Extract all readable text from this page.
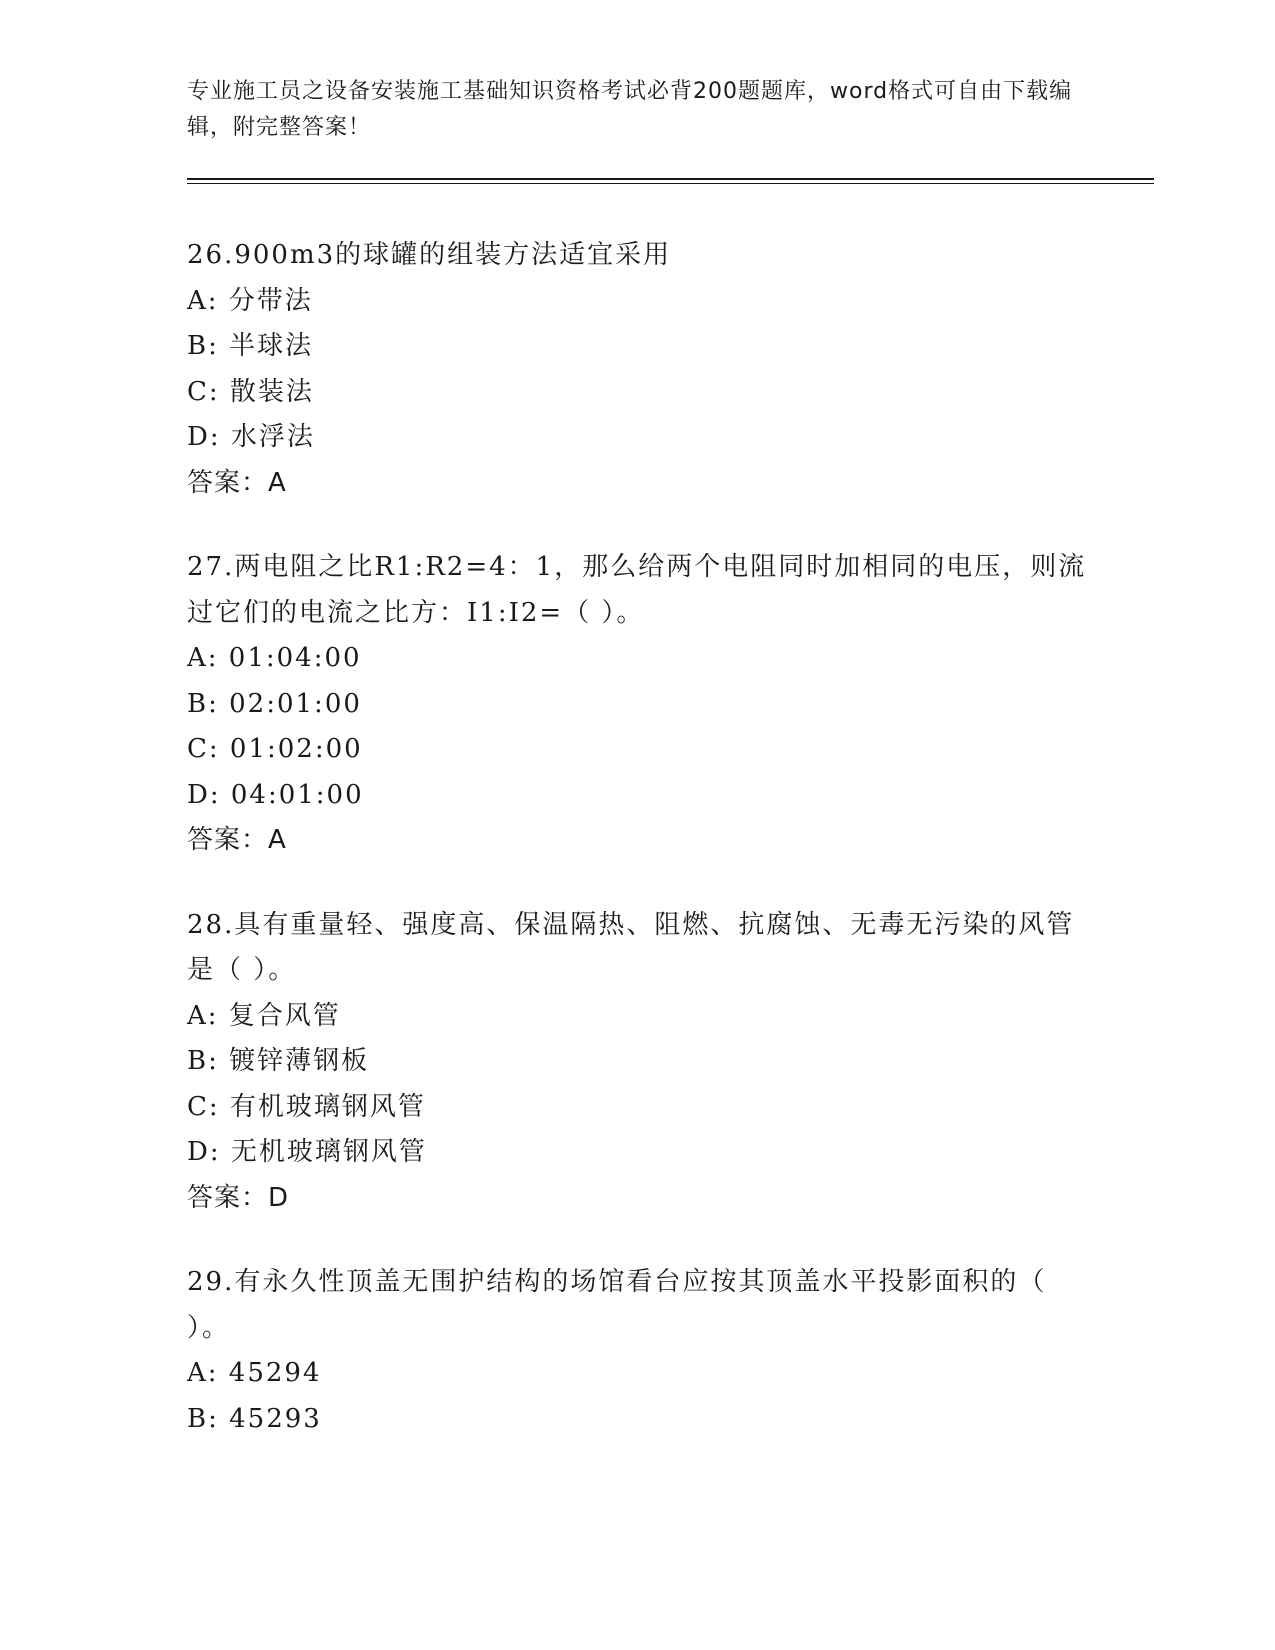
专业施工员之设备安装施工基础知识资格考试必背200题题库，word格式可自由下载编辑，附完整答案！

26.900m3的球罐的组装方法适宜采用

A: 分带法

B: 半球法

C: 散装法

D: 水浮法

答案：A

27.两电阻之比R1:R2=4：1，那么给两个电阻同时加相同的电压，则流过它们的电流之比方：I1:I2=（ ）。

A: 01:04:00

B: 02:01:00

C: 01:02:00

D: 04:01:00

答案：A

28.具有重量轻、强度高、保温隔热、阻燃、抗腐蚀、无毒无污染的风管是（ ）。

A: 复合风管

B: 镀锌薄钢板

C: 有机玻璃钢风管

D: 无机玻璃钢风管

答案：D

29.有永久性顶盖无围护结构的场馆看台应按其顶盖水平投影面积的（ ）。

A: 45294

B: 45293
